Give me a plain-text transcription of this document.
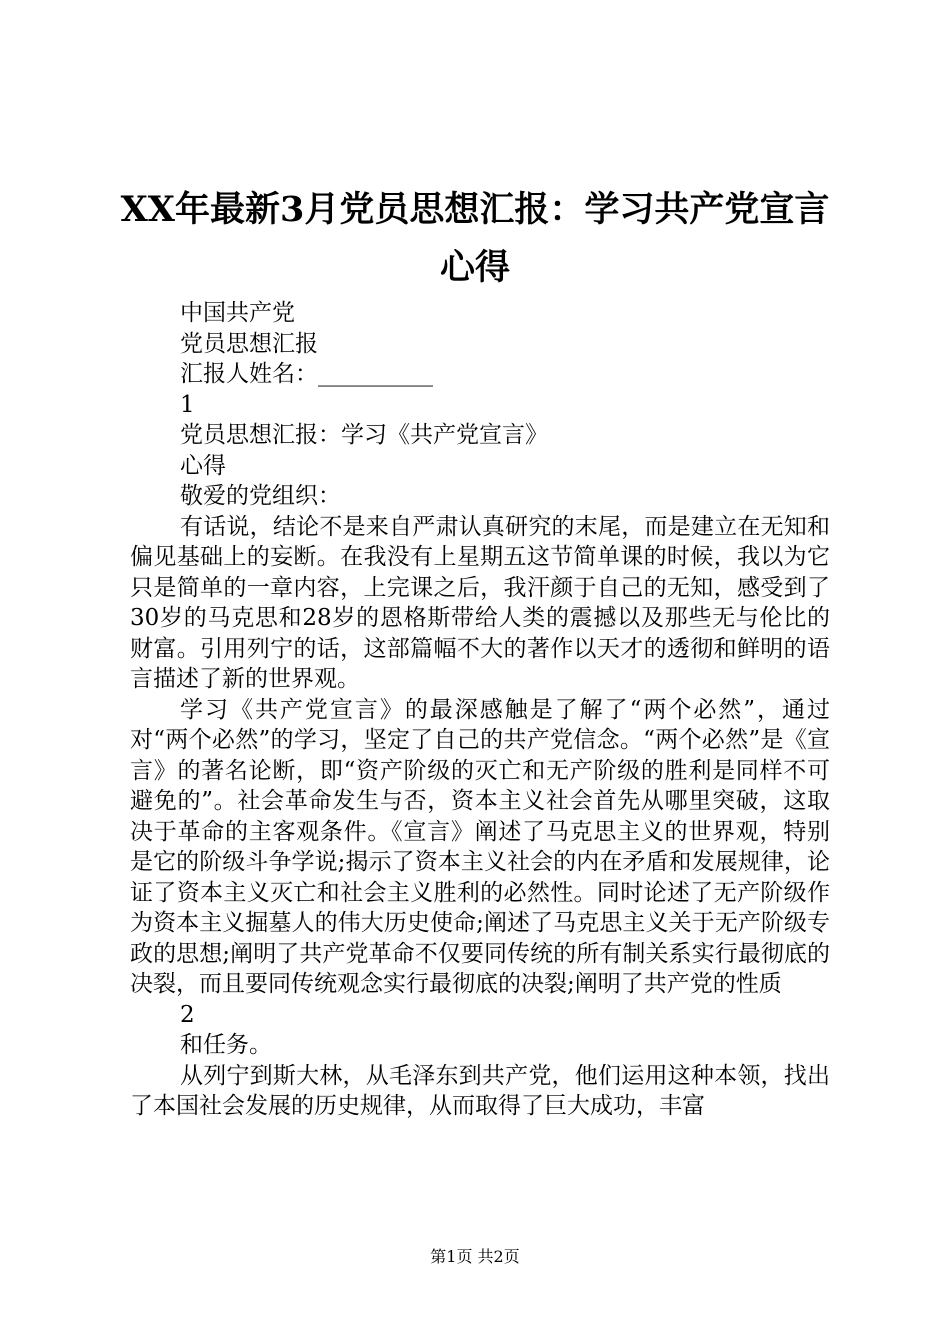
XX年最新3月党员思想汇报：学习共产党宣言
心得
中国共产党
党员思想汇报
汇报人姓名：__________
1
党员思想汇报：学习《共产党宣言》
心得
敬爱的党组织：

有话说，结论不是来自严肃认真研究的末尾，而是建立在无知和偏见基础上的妄断。在我没有上星期五这节简单课的时候，我以为它只是简单的一章内容，上完课之后，我汗颜于自己的无知，感受到了30岁的马克思和28岁的恩格斯带给人类的震撼以及那些无与伦比的财富。引用列宁的话，这部篇幅不大的著作以天才的透彻和鲜明的语言描述了新的世界观。

学习《共产党宣言》的最深感触是了解了“两个必然”，通过对“两个必然”的学习，坚定了自己的共产党信念。“两个必然”是《宣言》的著名论断，即“资产阶级的灭亡和无产阶级的胜利是同样不可避免的”。社会革命发生与否，资本主义社会首先从哪里突破，这取决于革命的主客观条件。《宣言》阐述了马克思主义的世界观，特别是它的阶级斗争学说;揭示了资本主义社会的内在矛盾和发展规律，论证了资本主义灭亡和社会主义胜利的必然性。同时论述了无产阶级作为资本主义掘墓人的伟大历史使命;阐述了马克思主义关于无产阶级专政的思想;阐明了共产党革命不仅要同传统的所有制关系实行最彻底的决裂，而且要同传统观念实行最彻底的决裂;阐明了共产党的性质

2
和任务。

从列宁到斯大林，从毛泽东到共产党，他们运用这种本领，找出了本国社会发展的历史规律，从而取得了巨大成功，丰富

第1页 共2页
